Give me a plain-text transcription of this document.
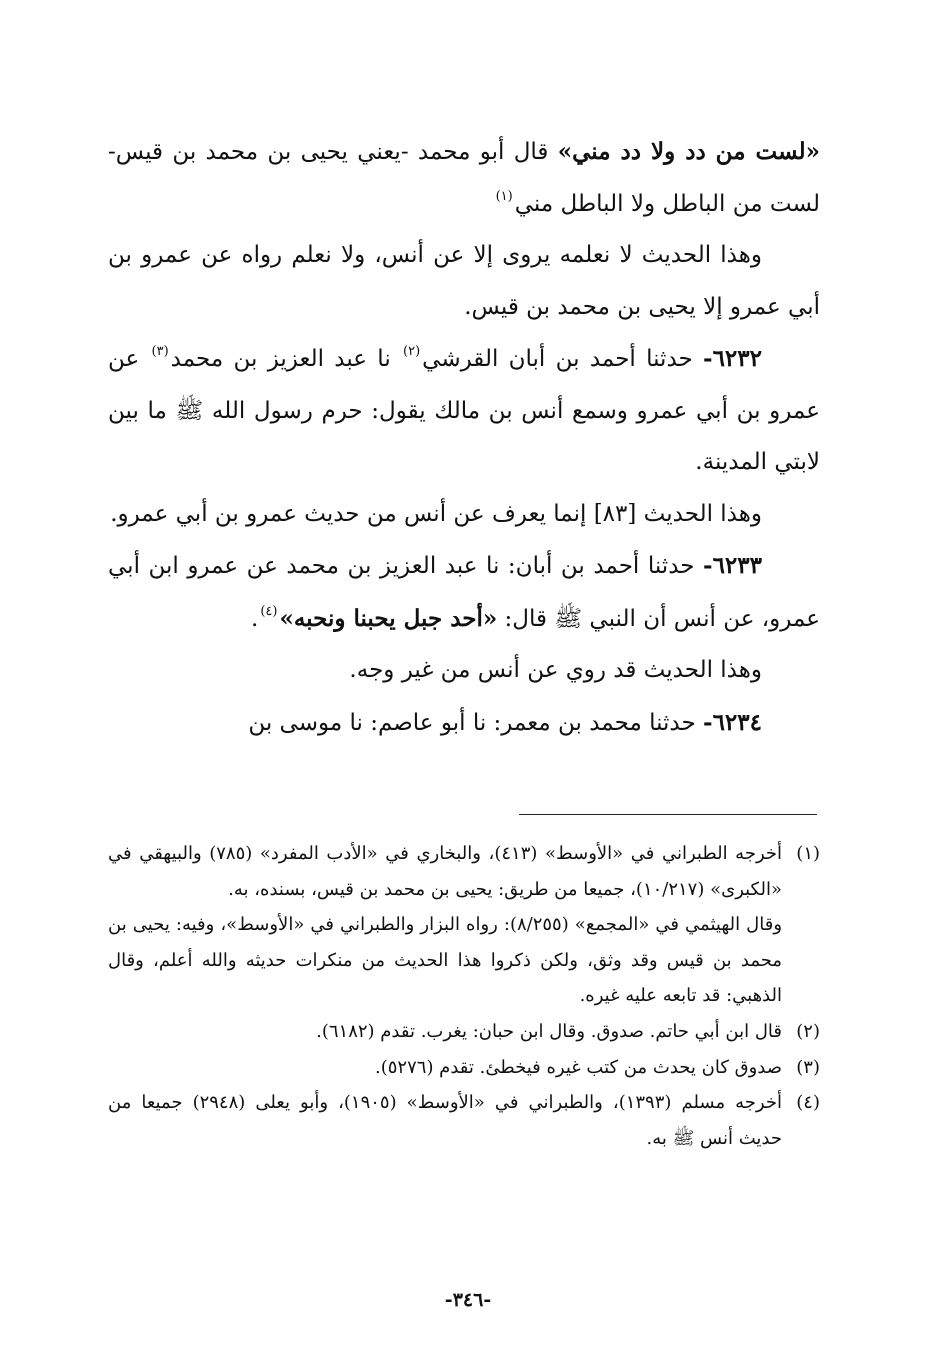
«لست من دد ولا دد مني» قال أبو محمد -يعني يحيى بن محمد بن قيس- لست من الباطل ولا الباطل مني$^{(١)}$

وهذا الحديث لا نعلمه يروى إلا عن أنس، ولا نعلم رواه عن عمرو بن أبي عمرو إلا يحيى بن محمد بن قيس.

٦٢٣٢- حدثنا أحمد بن أبان القرشي$^{(٢)}$ نا عبد العزيز بن محمد$^{(٣)}$ عن عمرو بن أبي عمرو وسمع أنس بن مالك يقول: حرم رسول الله ﷺ ما بين لابتي المدينة.

وهذا الحديث [٨٣] إنما يعرف عن أنس من حديث عمرو بن أبي عمرو.

٦٢٣٣- حدثنا أحمد بن أبان: نا عبد العزيز بن محمد عن عمرو ابن أبي عمرو، عن أنس أن النبي ﷺ قال: «أحد جبل يحبنا ونحبه»$^{(٤)}$.

وهذا الحديث قد روي عن أنس من غير وجه.

٦٢٣٤- حدثنا محمد بن معمر: نا أبو عاصم: نا موسى بن

(١)أخرجه الطبراني في «الأوسط» (٤١٣)، والبخاري في «الأدب المفرد» (٧٨٥) والبيهقي في «الكبرى» (١٠/٢١٧)، جميعا من طريق: يحيى بن محمد بن قيس، بسنده، به.

وقال الهيثمي في «المجمع» (٨/٢٥٥): رواه البزار والطبراني في «الأوسط»، وفيه: يحيى بن محمد بن قيس وقد وثق، ولكن ذكروا هذا الحديث من منكرات حديثه والله أعلم، وقال الذهبي: قد تابعه عليه غيره.

(٢)قال ابن أبي حاتم. صدوق. وقال ابن حبان: يغرب. تقدم (٦١٨٢).

(٣)صدوق كان يحدث من كتب غيره فيخطئ. تقدم (٥٢٧٦).

(٤)أخرجه مسلم (١٣٩٣)، والطبراني في «الأوسط» (١٩٠٥)، وأبو يعلى (٢٩٤٨) جميعا من حديث أنس ﷺ به.

-٣٤٦-
